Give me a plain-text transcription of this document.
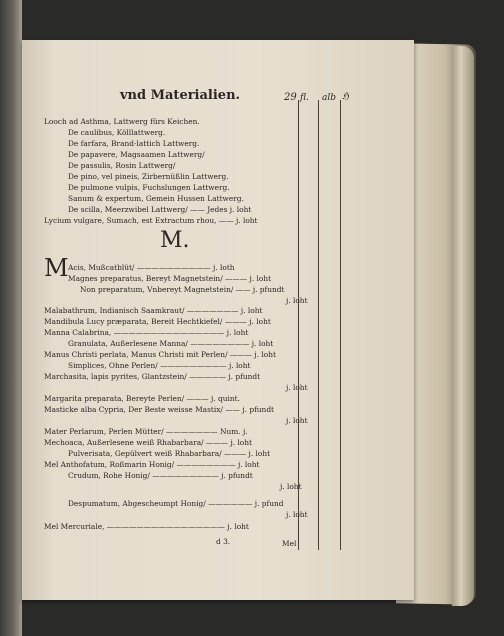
vnd Materialien.	29 fl. alb ℌ
Looch ad Asthma, Lattwerg fürs Keichen.
De caulibus, Kölllattwerg.
De farfara, Brand-lattich Lattwerg.
De papavere, Magsaamen Lattwerg/
De passulis, Rosin Lattwerg/
De pino, vel pineis, Zirbernüßlin Lattwerg.
De pulmone vulpis, Fuchslungen Lattwerg.
Sanum & expertum, Gemein Hussen Lattwerg.
De scilla, Meerzwibel Lattwerg/ —— Jedes j. loht
Lycium vulgare, Sumach, est Extractum rhou, —— j. loht
M.
M Acis, Mußcatblüt/ —————————— j. loth
Magnes preparatus, Bereyt Magnetstein/ ——— j. loht
Non preparatum, Vnbereyt Magnetstein/ —— j. pfundt
j. loht
Malabathrum, Indianisch Saamkraut/ ——————— j. loht
Mandibula Lucy præparata, Bereit Hechtkiefel/ ——— j. loht
Manna Calabrina, ——————————————— j. loht
Granulata, Außerlesene Manna/ ———————— j. loht
Manus Christi perlata, Manus Christi mit Perlen/ ——— j. loht
Simplices, Ohne Perlen/ ————————— j. loht
Marchasita, lapis pyrites, Glantzstein/ ————— j. pfundt
j. loht
Margarita preparata, Bereyte Perlen/ ——— j. quint.
Masticke alba Cypria, Der Beste weisse Mastix/ —— j. pfundt
j. loht
Mater Perlarum, Perlen Mütter/ ——————— Num. j.
Mechoaca, Außerlesene weiß Rhabarbara/ ——— j. loht
Pulverisata, Gepülvert weiß Rhabarbara/ ——— j. loht
Mel Anthofatum, Roßmarin Honig/ ———————— j. loht
Crudum, Rohe Honig/ ————————— j. pfundt
j. loht
Despumatum, Abgescheumpt Honig/ —————— j. pfund
j. loht
Mel Mercuriale, ———————————————— j. loht
d 3.	Mel
